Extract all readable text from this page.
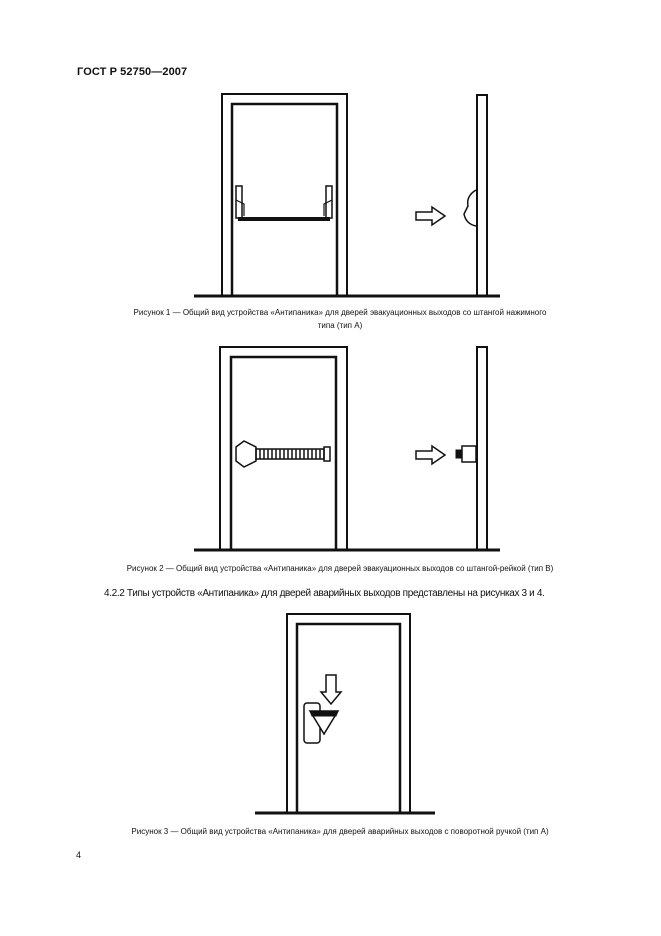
ГОСТ Р 52750—2007
Рисунок 1 — Общий вид устройства «Антипаника» для дверей эвакуационных выходов со штангой нажимного
типа (тип А)
Рисунок 2 — Общий вид устройства «Антипаника» для дверей эвакуационных выходов со штангой-рейкой (тип В)
4.2.2 Типы устройств «Антипаника» для дверей аварийных выходов представлены на рисунках 3 и 4.
Рисунок 3 — Общий вид устройства «Антипаника» для дверей аварийных выходов с поворотной ручкой (тип А)
4
